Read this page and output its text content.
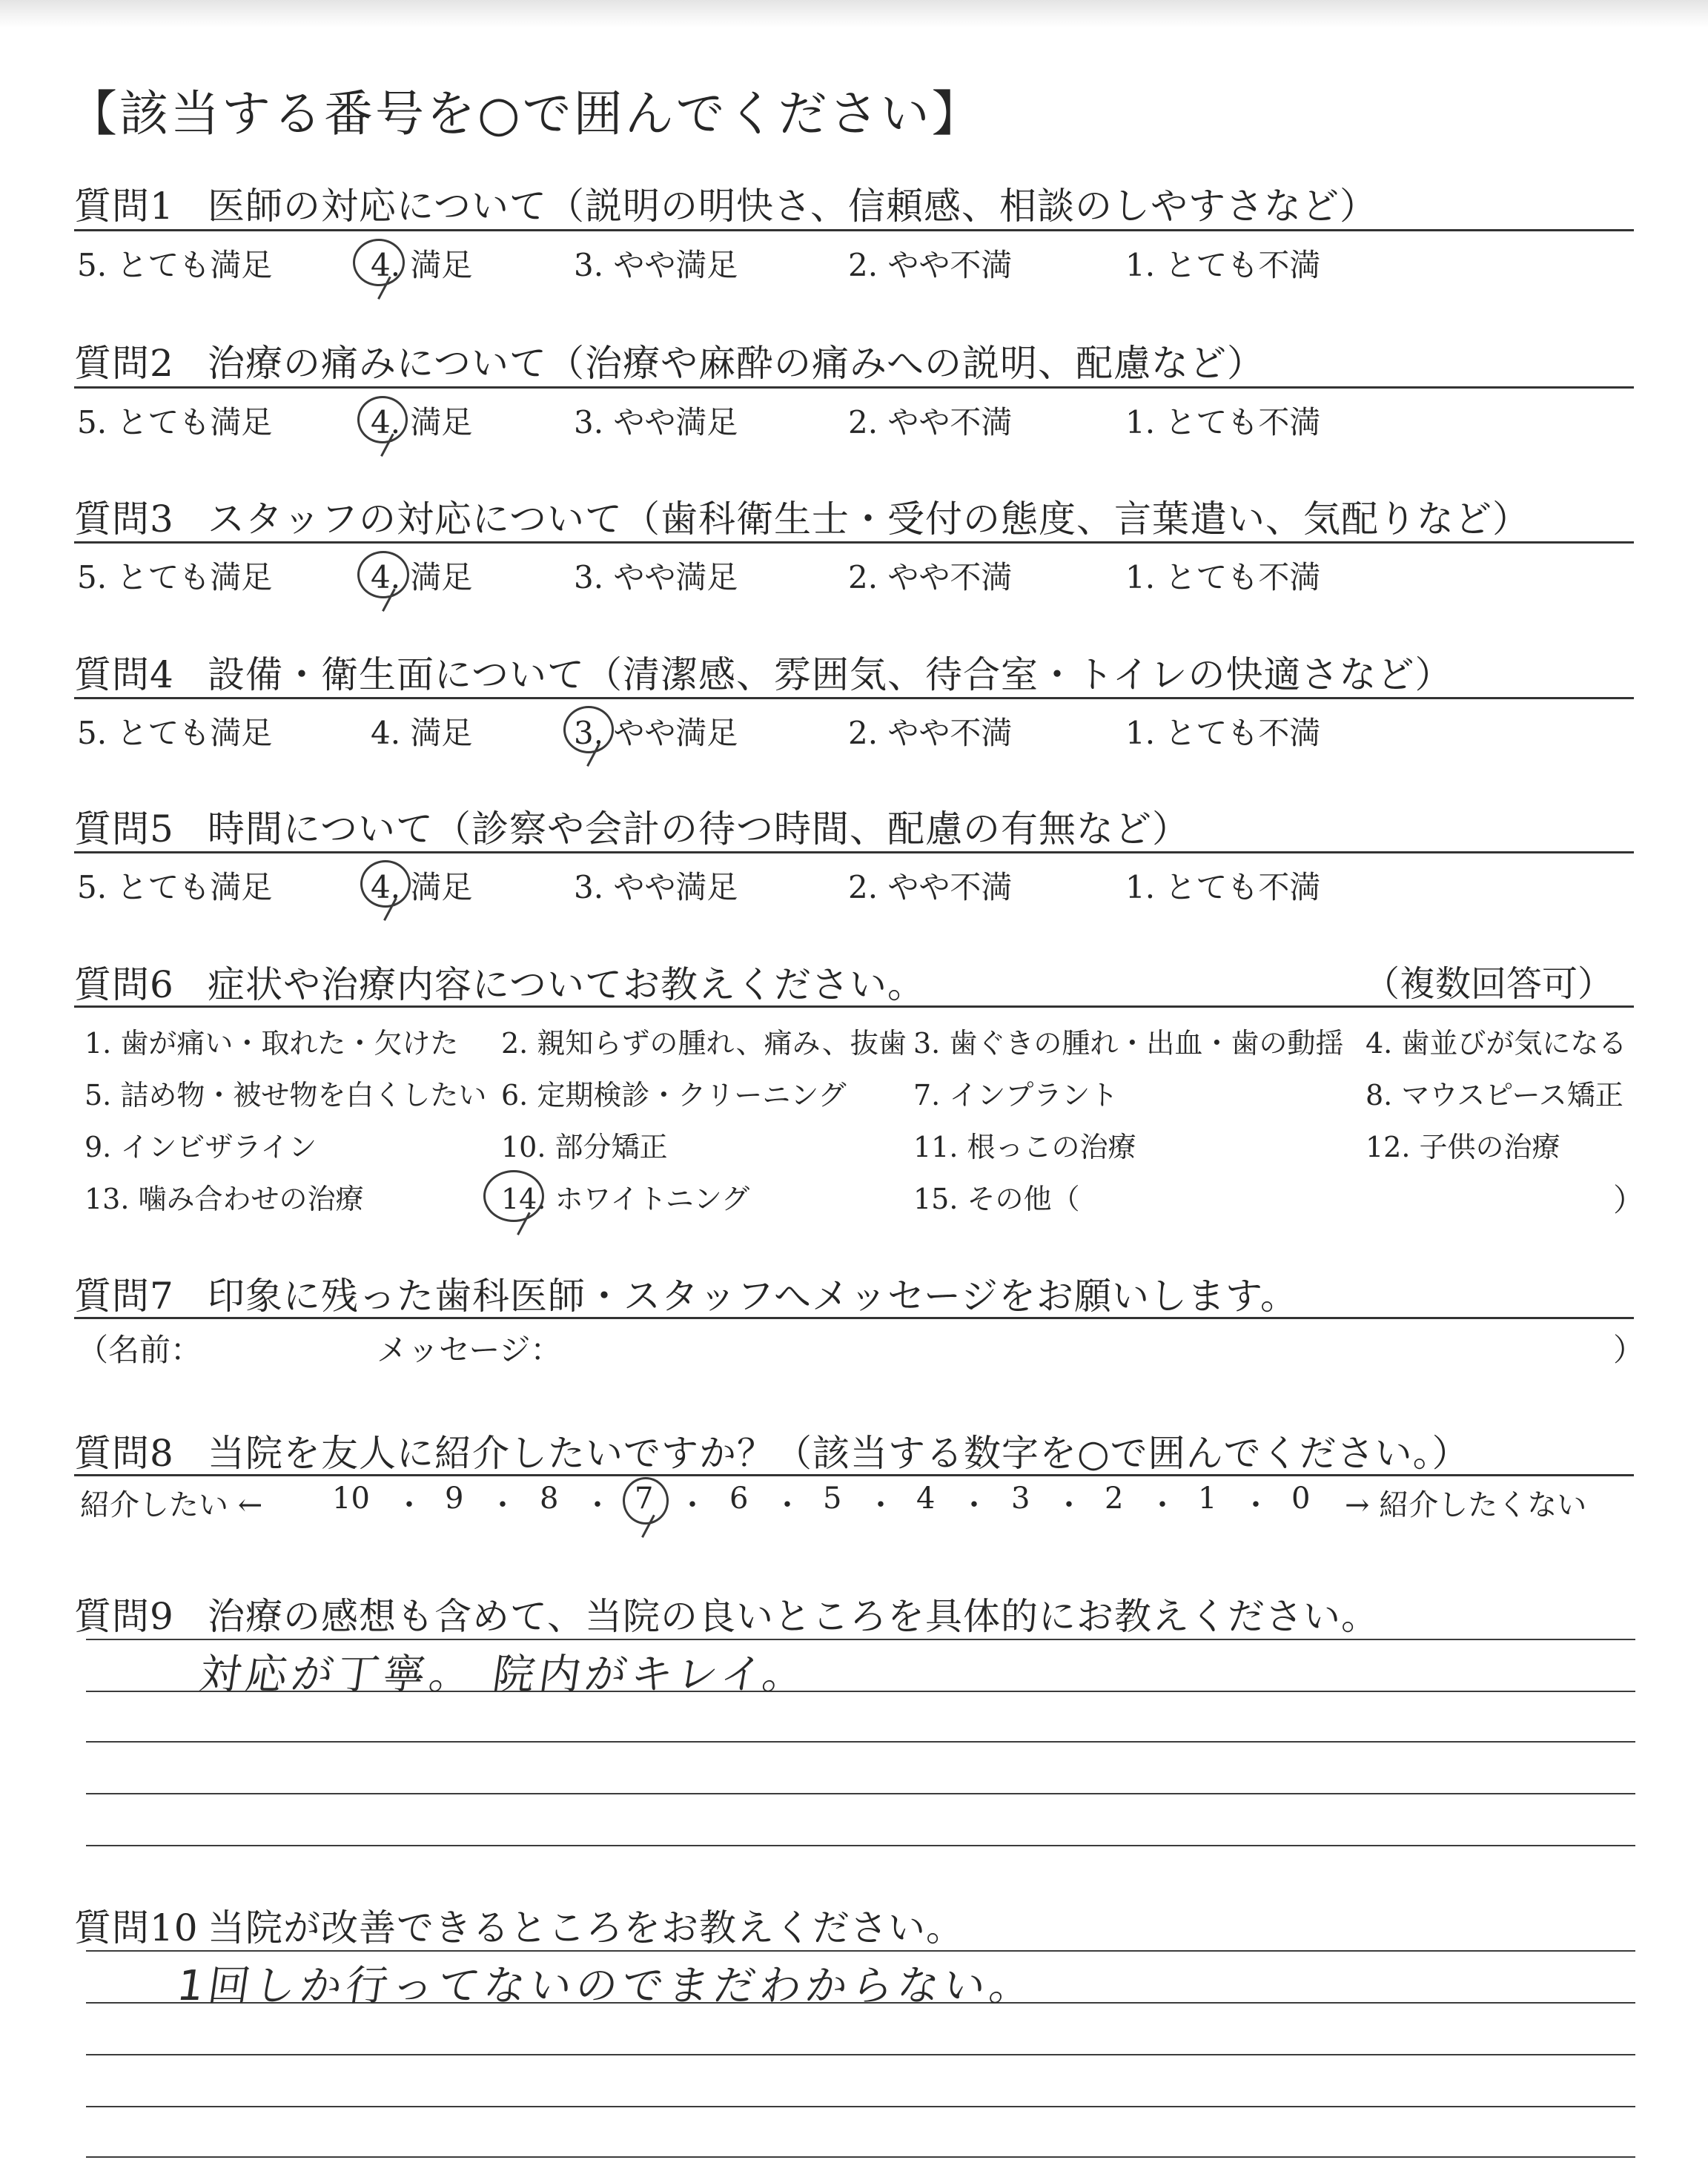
【該当する番号を○で囲んでください】
質問1 医師の対応について（説明の明快さ、信頼感、相談のしやすさなど）
5. とても満足	4. 満足	3. やや満足	2. やや不満	1. とても不満
質問2 治療の痛みについて（治療や麻酔の痛みへの説明、配慮など）
5. とても満足	4. 満足	3. やや満足	2. やや不満	1. とても不満
質問3 スタッフの対応について（歯科衛生士・受付の態度、言葉遣い、気配りなど）
5. とても満足	4. 満足	3. やや満足	2. やや不満	1. とても不満
質問4 設備・衛生面について（清潔感、雰囲気、待合室・トイレの快適さなど）
5. とても満足	4. 満足	3. やや満足	2. やや不満	1. とても不満
質問5 時間について（診察や会計の待つ時間、配慮の有無など）
5. とても満足	4. 満足	3. やや満足	2. やや不満	1. とても不満
質問6 症状や治療内容についてお教えください。	（複数回答可）
1. 歯が痛い・取れた・欠けた 2. 親知らずの腫れ、痛み、抜歯 3. 歯ぐきの腫れ・出血・歯の動揺 4. 歯並びが気になる
5. 詰め物・被せ物を白くしたい 6. 定期検診・クリーニング 7. インプラント	8. マウスピース矯正
9. インビザライン	10. 部分矯正	11. 根っこの治療	12. 子供の治療
13. 噛み合わせの治療	14. ホワイトニング	15. その他（	）
質問7 印象に残った歯科医師・スタッフへメッセージをお願いします。
（名前：	メッセージ：	）
質問8 当院を友人に紹介したいですか？（該当する数字を○で囲んでください。）
紹介したい ← 10 ・ 9 ・ 8 ・ 7 ・ 6 ・ 5 ・ 4 ・ 3 ・ 2 ・ 1 ・ 0 → 紹介したくない
質問9 治療の感想も含めて、当院の良いところを具体的にお教えください。
対応が丁寧。 院内がキレイ。
質問10 当院が改善できるところをお教えください。
1回しか行ってないのでまだわからない。
